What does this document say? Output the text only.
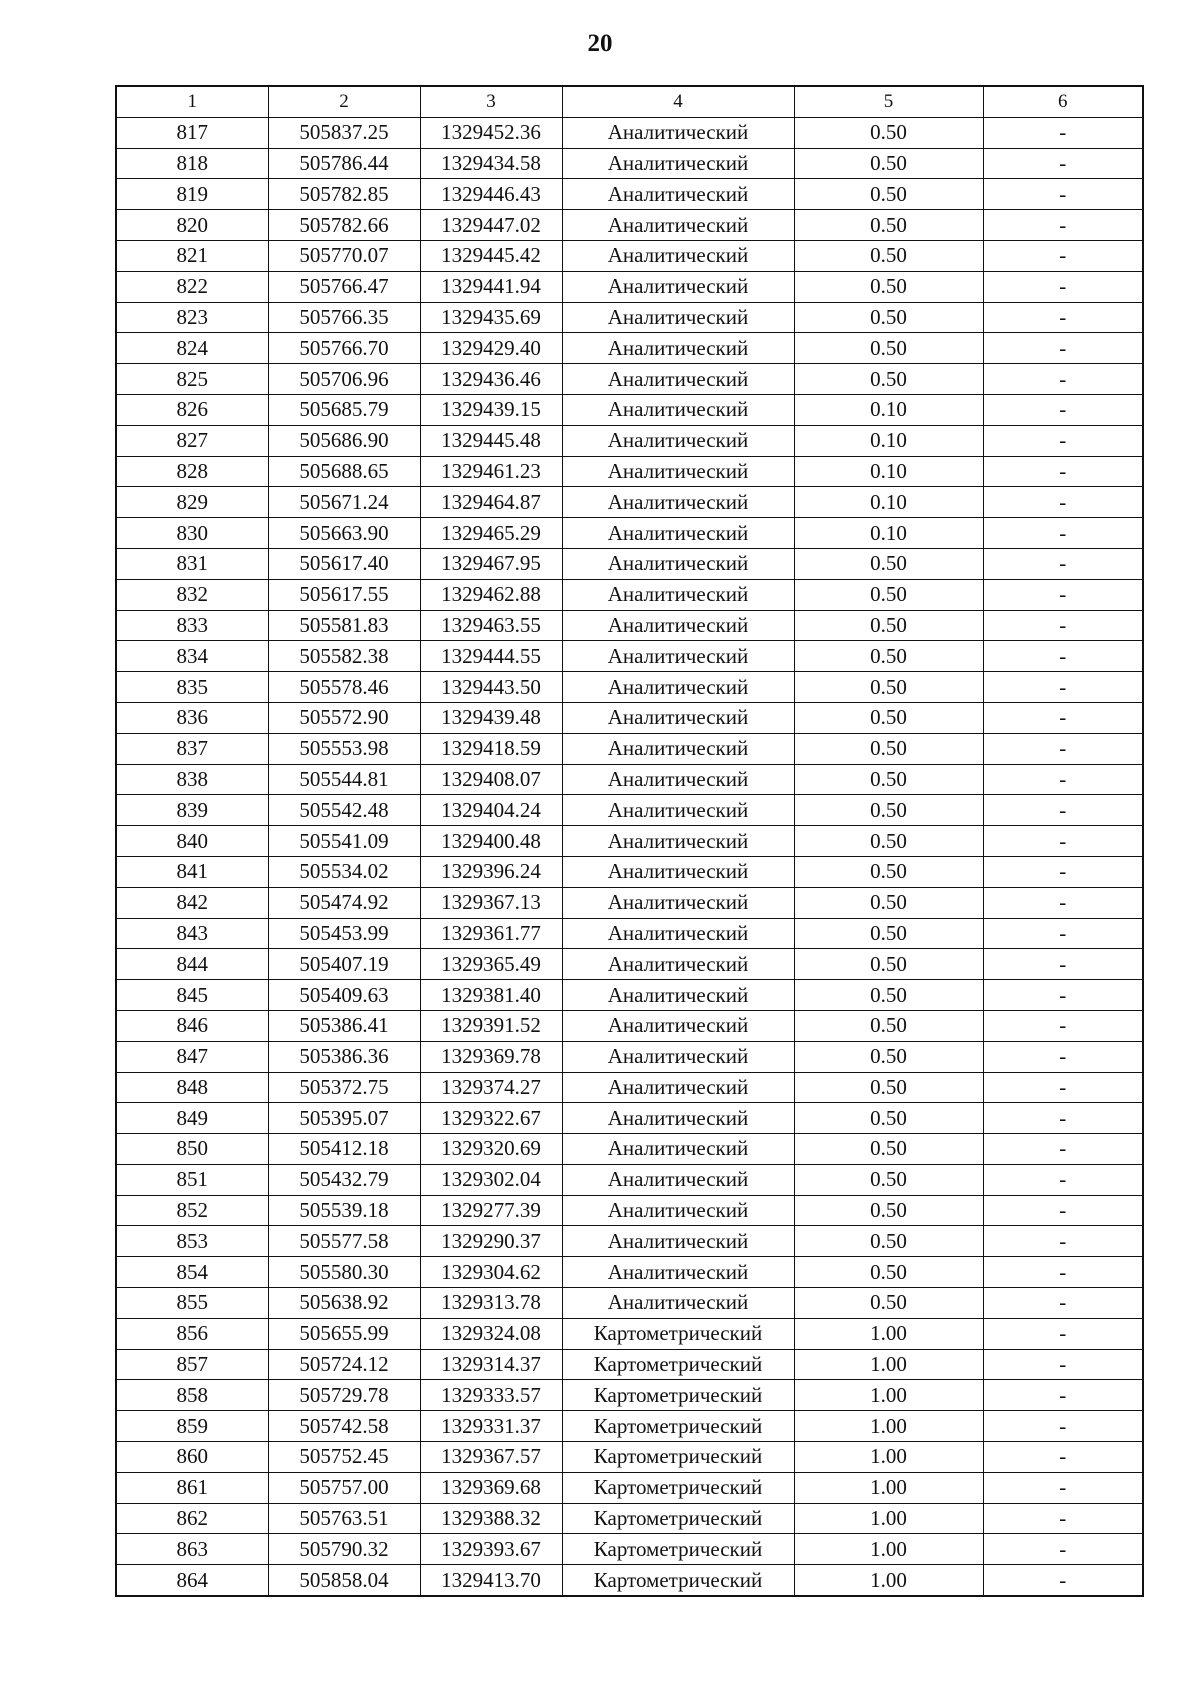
20
1	2	3	4	5	6
817	505837.25	1329452.36	Аналитический	0.50	-
818	505786.44	1329434.58	Аналитический	0.50	-
819	505782.85	1329446.43	Аналитический	0.50	-
820	505782.66	1329447.02	Аналитический	0.50	-
821	505770.07	1329445.42	Аналитический	0.50	-
822	505766.47	1329441.94	Аналитический	0.50	-
823	505766.35	1329435.69	Аналитический	0.50	-
824	505766.70	1329429.40	Аналитический	0.50	-
825	505706.96	1329436.46	Аналитический	0.50	-
826	505685.79	1329439.15	Аналитический	0.10	-
827	505686.90	1329445.48	Аналитический	0.10	-
828	505688.65	1329461.23	Аналитический	0.10	-
829	505671.24	1329464.87	Аналитический	0.10	-
830	505663.90	1329465.29	Аналитический	0.10	-
831	505617.40	1329467.95	Аналитический	0.50	-
832	505617.55	1329462.88	Аналитический	0.50	-
833	505581.83	1329463.55	Аналитический	0.50	-
834	505582.38	1329444.55	Аналитический	0.50	-
835	505578.46	1329443.50	Аналитический	0.50	-
836	505572.90	1329439.48	Аналитический	0.50	-
837	505553.98	1329418.59	Аналитический	0.50	-
838	505544.81	1329408.07	Аналитический	0.50	-
839	505542.48	1329404.24	Аналитический	0.50	-
840	505541.09	1329400.48	Аналитический	0.50	-
841	505534.02	1329396.24	Аналитический	0.50	-
842	505474.92	1329367.13	Аналитический	0.50	-
843	505453.99	1329361.77	Аналитический	0.50	-
844	505407.19	1329365.49	Аналитический	0.50	-
845	505409.63	1329381.40	Аналитический	0.50	-
846	505386.41	1329391.52	Аналитический	0.50	-
847	505386.36	1329369.78	Аналитический	0.50	-
848	505372.75	1329374.27	Аналитический	0.50	-
849	505395.07	1329322.67	Аналитический	0.50	-
850	505412.18	1329320.69	Аналитический	0.50	-
851	505432.79	1329302.04	Аналитический	0.50	-
852	505539.18	1329277.39	Аналитический	0.50	-
853	505577.58	1329290.37	Аналитический	0.50	-
854	505580.30	1329304.62	Аналитический	0.50	-
855	505638.92	1329313.78	Аналитический	0.50	-
856	505655.99	1329324.08	Картометрический	1.00	-
857	505724.12	1329314.37	Картометрический	1.00	-
858	505729.78	1329333.57	Картометрический	1.00	-
859	505742.58	1329331.37	Картометрический	1.00	-
860	505752.45	1329367.57	Картометрический	1.00	-
861	505757.00	1329369.68	Картометрический	1.00	-
862	505763.51	1329388.32	Картометрический	1.00	-
863	505790.32	1329393.67	Картометрический	1.00	-
864	505858.04	1329413.70	Картометрический	1.00	-
